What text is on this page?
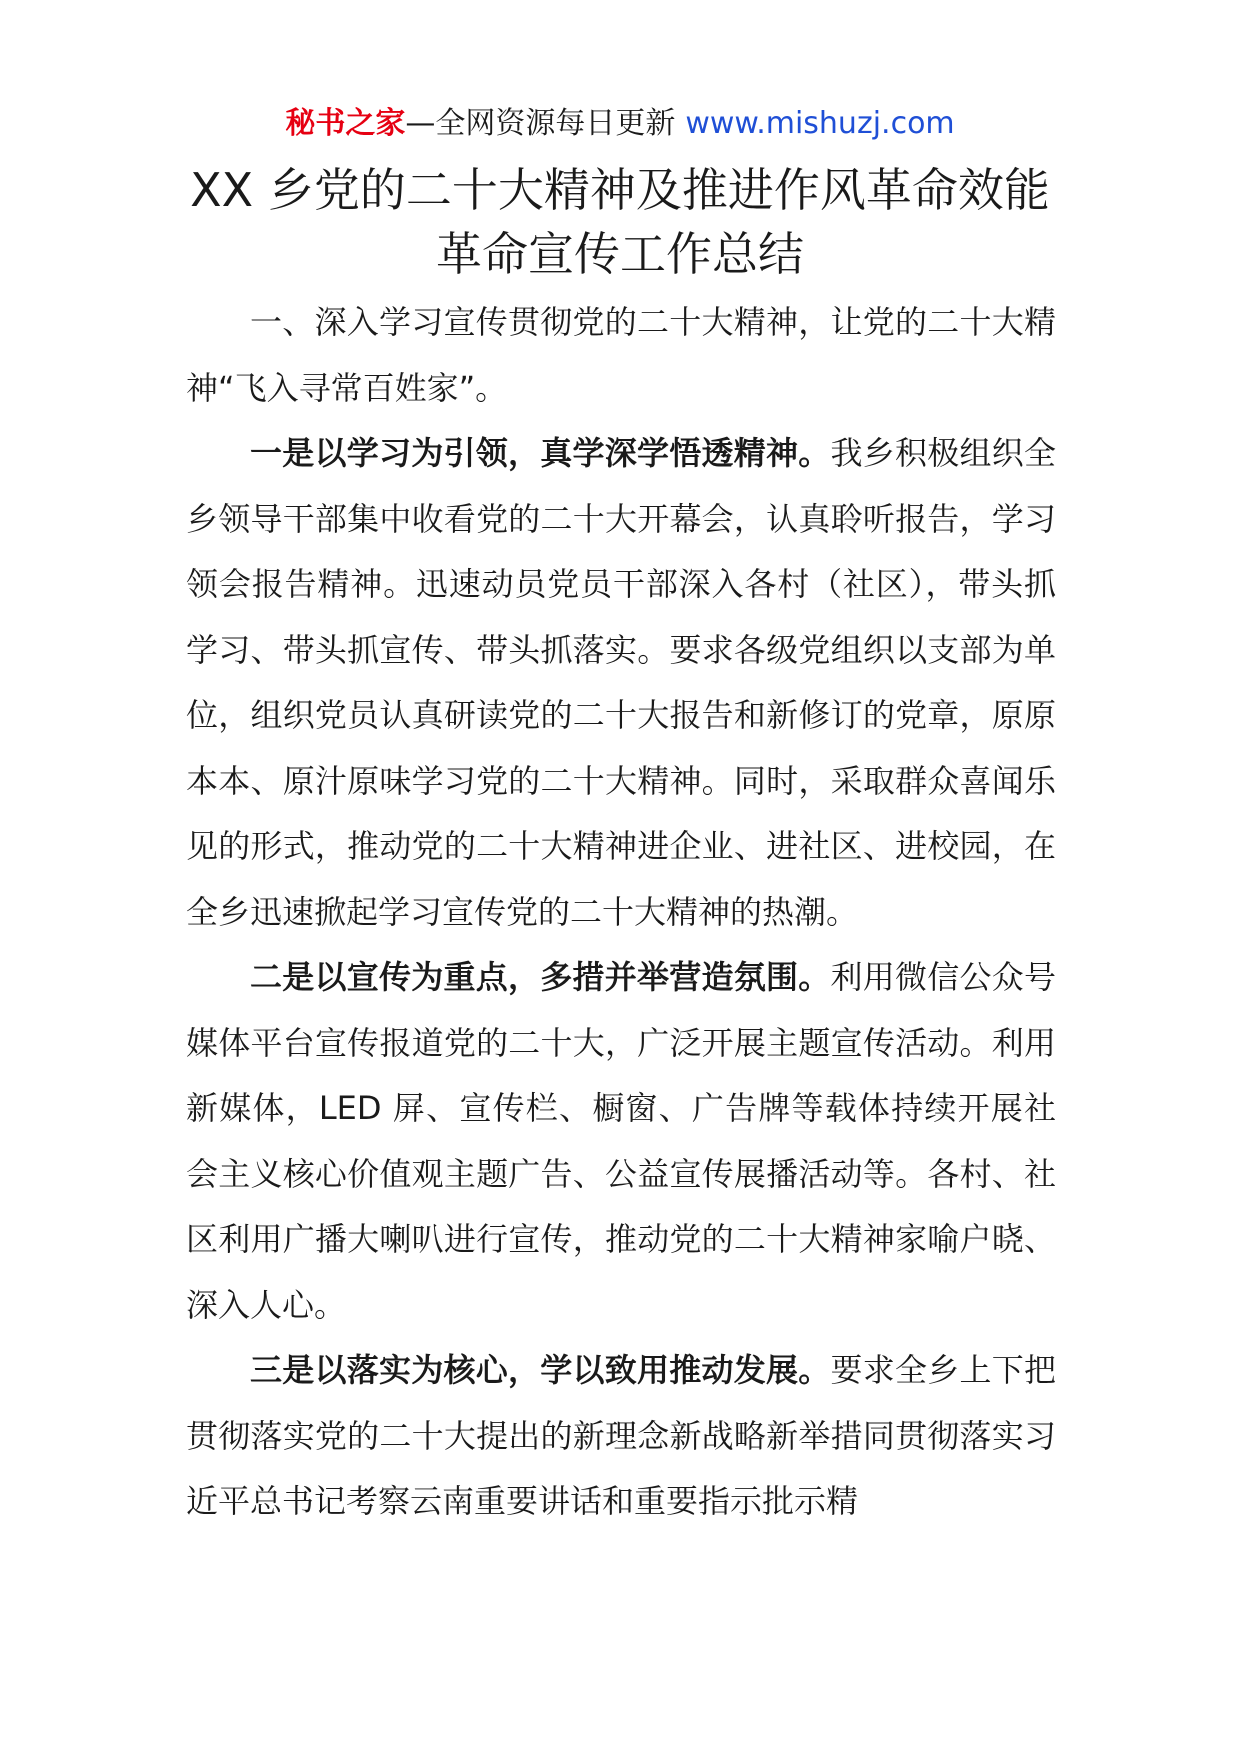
秘书之家—全网资源每日更新 www.mishuzj.com
XX 乡党的二十大精神及推进作风革命效能
革命宣传工作总结

一、深入学习宣传贯彻党的二十大精神，让党的二十大精神“飞入寻常百姓家”。

一是以学习为引领，真学深学悟透精神。我乡积极组织全乡领导干部集中收看党的二十大开幕会，认真聆听报告，学习领会报告精神。迅速动员党员干部深入各村（社区），带头抓学习、带头抓宣传、带头抓落实。要求各级党组织以支部为单位，组织党员认真研读党的二十大报告和新修订的党章，原原本本、原汁原味学习党的二十大精神。同时，采取群众喜闻乐见的形式，推动党的二十大精神进企业、进社区、进校园，在全乡迅速掀起学习宣传党的二十大精神的热潮。

二是以宣传为重点，多措并举营造氛围。利用微信公众号媒体平台宣传报道党的二十大，广泛开展主题宣传活动。利用新媒体，LED 屏、宣传栏、橱窗、广告牌等载体持续开展社会主义核心价值观主题广告、公益宣传展播活动等。各村、社区利用广播大喇叭进行宣传，推动党的二十大精神家喻户晓、深入人心。

三是以落实为核心，学以致用推动发展。要求全乡上下把贯彻落实党的二十大提出的新理念新战略新举措同贯彻落实习近平总书记考察云南重要讲话和重要指示批示精
